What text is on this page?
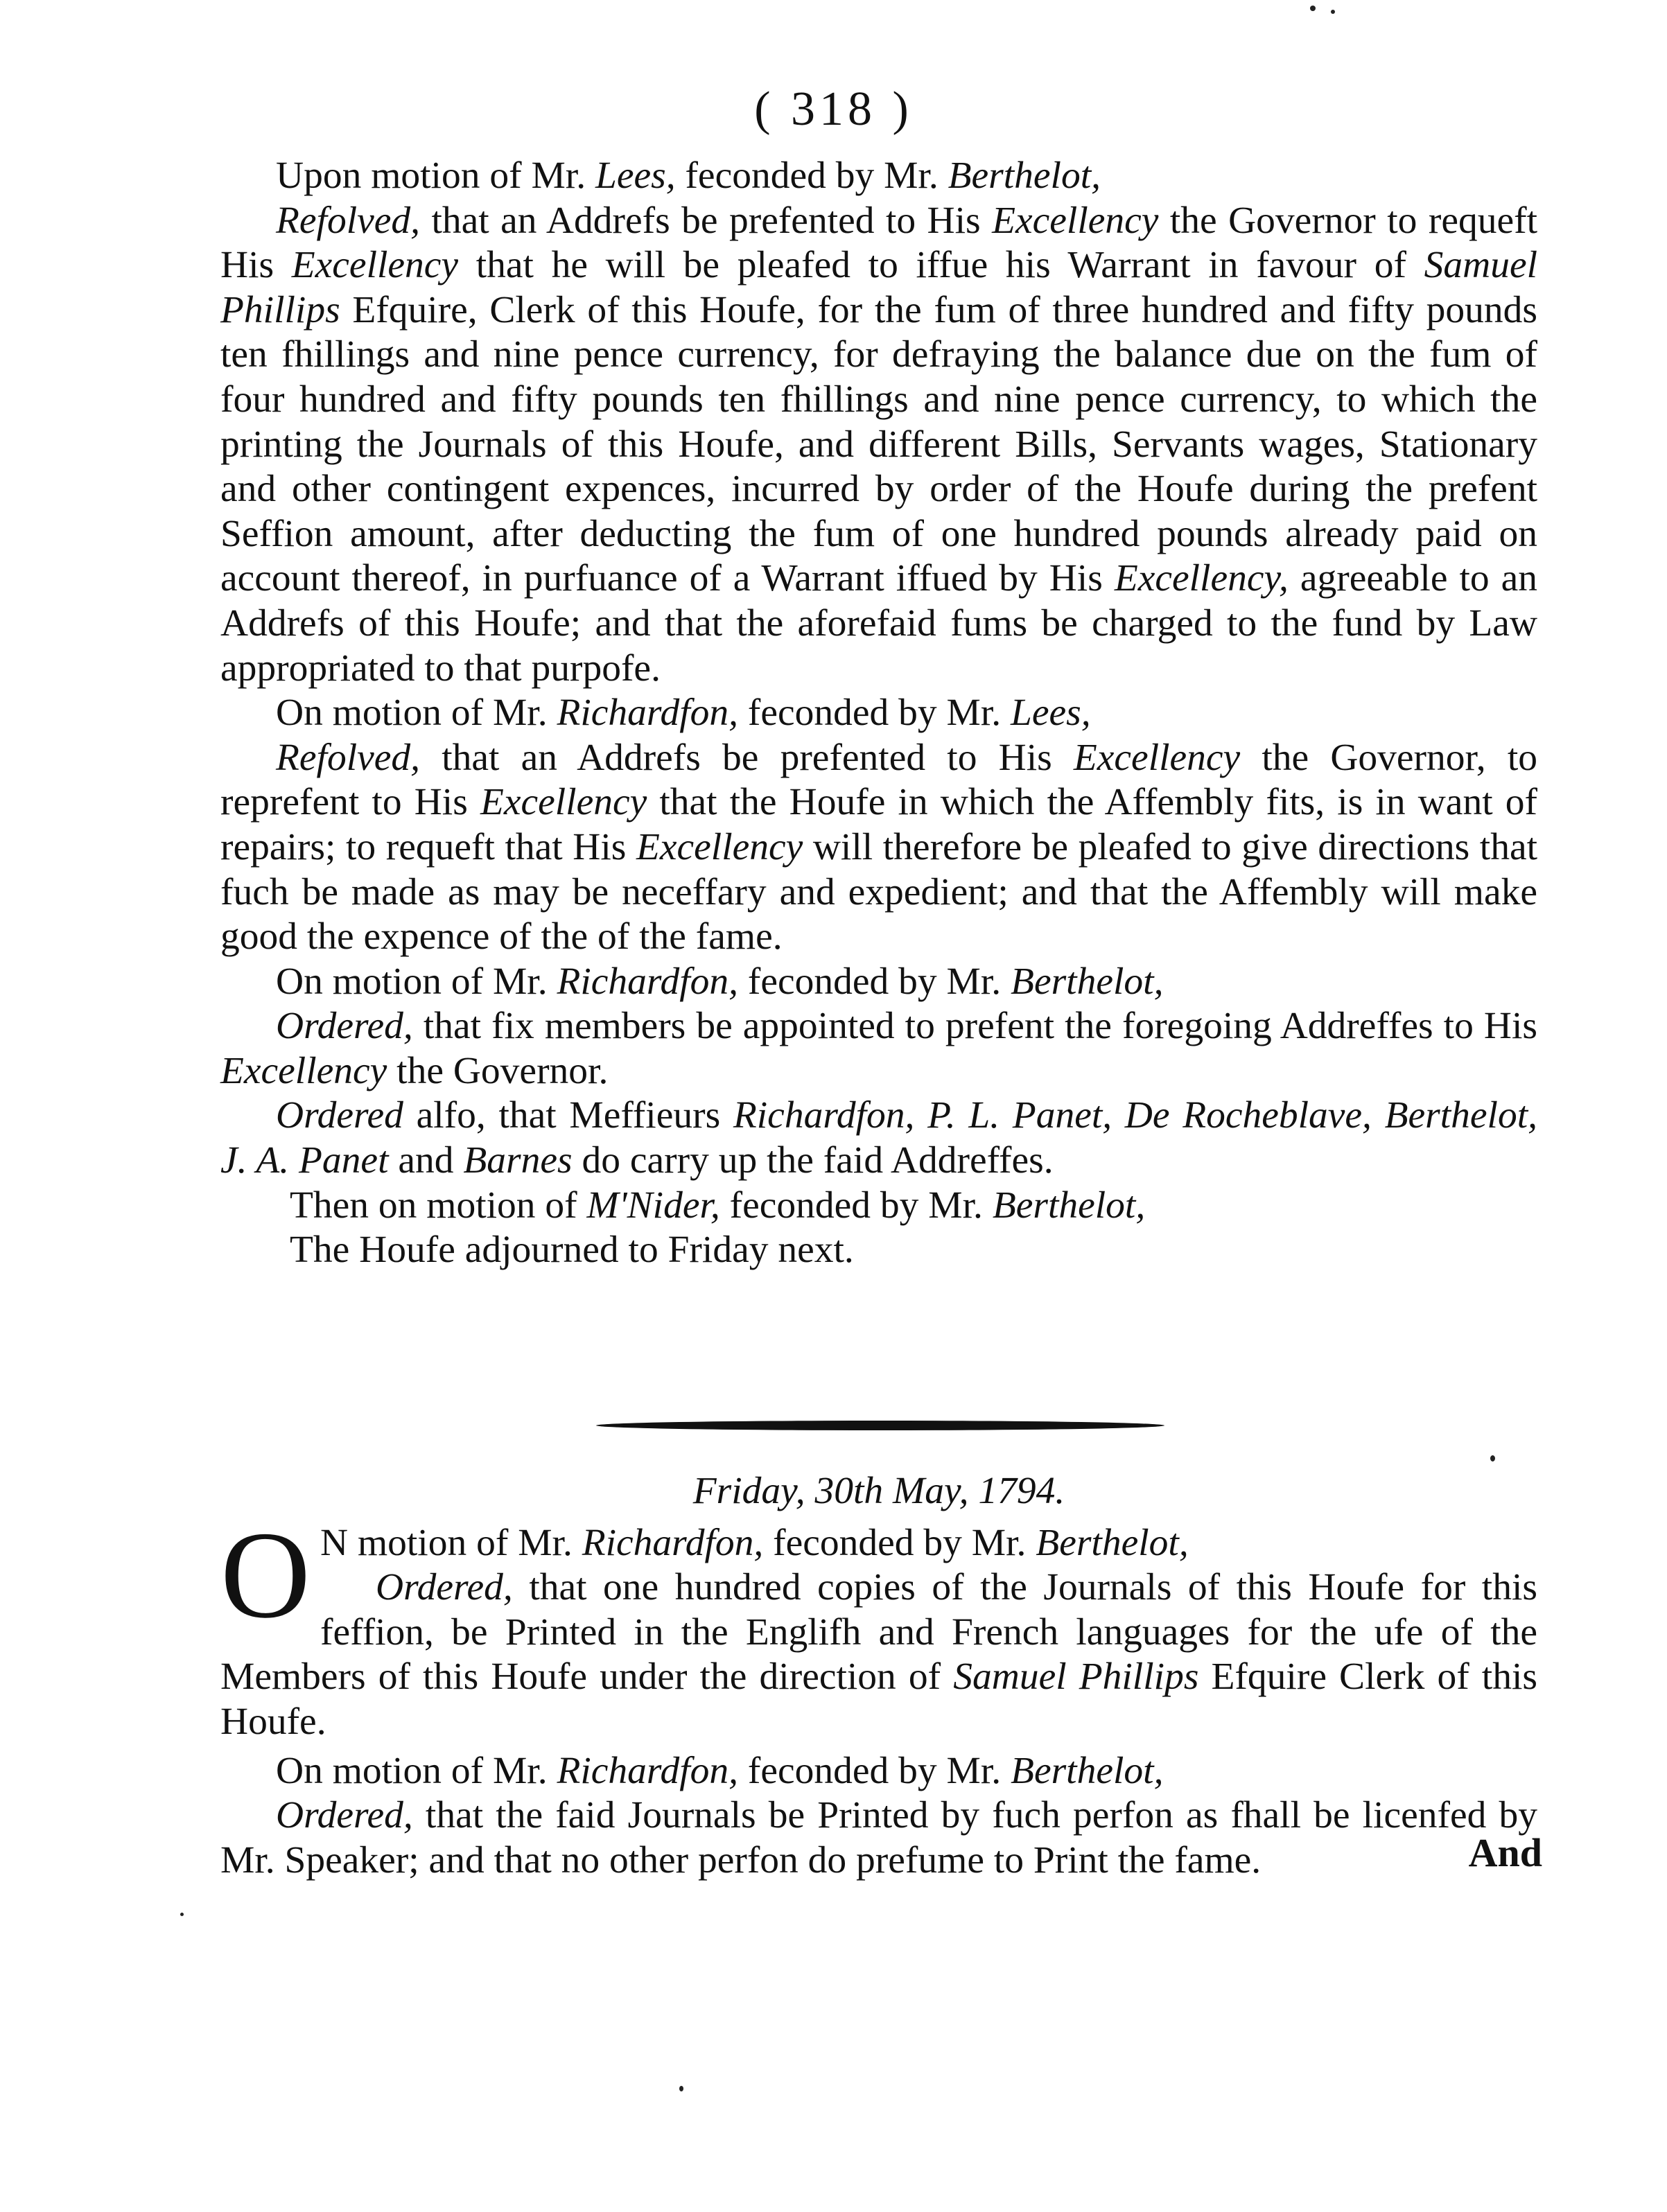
( 318 )

Upon motion of Mr. Lees, feconded by Mr. Berthelot,

Refolved, that an Addrefs be prefented to His Excellency the Governor to requeft His Excellency that he will be pleafed to iffue his Warrant in favour of Samuel Phillips Efquire, Clerk of this Houfe, for the fum of three hundred and fifty pounds ten fhillings and nine pence currency, for defraying the balance due on the fum of four hundred and fifty pounds ten fhillings and nine pence currency, to which the printing the Journals of this Houfe, and different Bills, Servants wages, Stationary and other contingent expences, incurred by order of the Houfe during the prefent Seffion amount, after deducting the fum of one hundred pounds already paid on account thereof, in purfuance of a Warrant iffued by His Excellency, agreeable to an Addrefs of this Houfe; and that the aforefaid fums be charged to the fund by Law appropriated to that purpofe.

On motion of Mr. Richardfon, feconded by Mr. Lees,

Refolved, that an Addrefs be prefented to His Excellency the Governor, to reprefent to His Excellency that the Houfe in which the Affembly fits, is in want of repairs; to requeft that His Excellency will therefore be pleafed to give directions that fuch be made as may be neceffary and expedient; and that the Affembly will make good the expence of the of the fame.

On motion of Mr. Richardfon, feconded by Mr. Berthelot,

Ordered, that fix members be appointed to prefent the foregoing Addreffes to His Excellency the Governor.

Ordered alfo, that Meffieurs Richardfon, P. L. Panet, De Rocheblave, Berthelot, J. A. Panet and Barnes do carry up the faid Addreffes.

Then on motion of M'Nider, feconded by Mr. Berthelot,

The Houfe adjourned to Friday next.

Friday, 30th May, 1794.

O N motion of Mr. Richardfon, feconded by Mr. Berthelot,
Ordered, that one hundred copies of the Journals of this Houfe for this feffion, be Printed in the Englifh and French languages for the ufe of the Members of this Houfe under the direction of Samuel Phillips Efquire Clerk of this Houfe.

On motion of Mr. Richardfon, feconded by Mr. Berthelot,

Ordered, that the faid Journals be Printed by fuch perfon as fhall be licenfed by Mr. Speaker; and that no other perfon do prefume to Print the fame.	And
